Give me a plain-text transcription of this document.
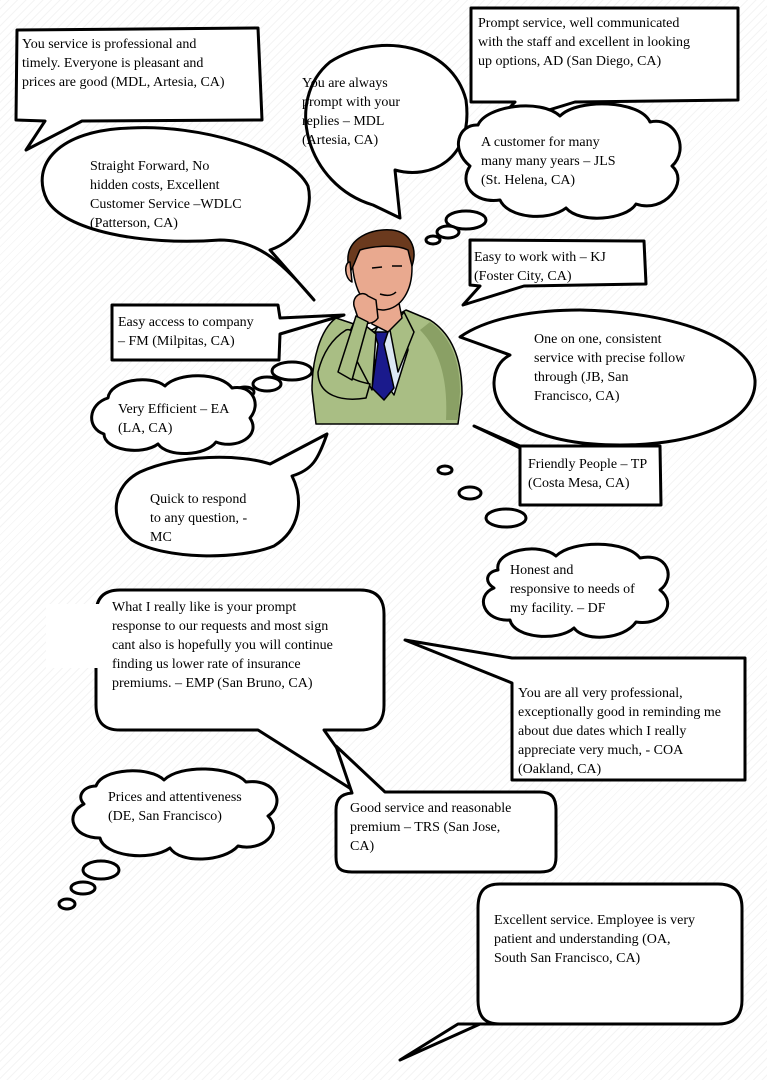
You service is professional and
timely. Everyone is pleasant and
prices are good (MDL, Artesia, CA)	You are always
prompt with your
replies – MDL
(Artesia, CA)

Prompt service, well communicated
with the staff and excellent in looking
up options, AD (San Diego, CA)

A customer for many
many many years – JLS
(St. Helena, CA)

Straight Forward, No
hidden costs, Excellent
Customer Service –WDLC
(Patterson, CA)

Easy to work with – KJ
(Foster City, CA)

Easy access to company
– FM (Milpitas, CA)	One on one, consistent
service with precise follow
through (JB, San
Francisco, CA)

Very Efficient – EA
(LA, CA)

Friendly People – TP
(Costa Mesa, CA)

Quick to respond
to any question, -
MC

Honest and
responsive to needs of
my facility. – DF

What I really like is your prompt
response to our requests and most sign
cant also is hopefully you will continue
finding us lower rate of insurance
premiums. – EMP (San Bruno, CA)

You are all very professional,
exceptionally good in reminding me
about due dates which I really
appreciate very much, - COA
(Oakland, CA)

Prices and attentiveness
(DE, San Francisco)

Good service and reasonable
premium – TRS (San Jose,
CA)

Excellent service. Employee is very
patient and understanding (OA,
South San Francisco, CA)
